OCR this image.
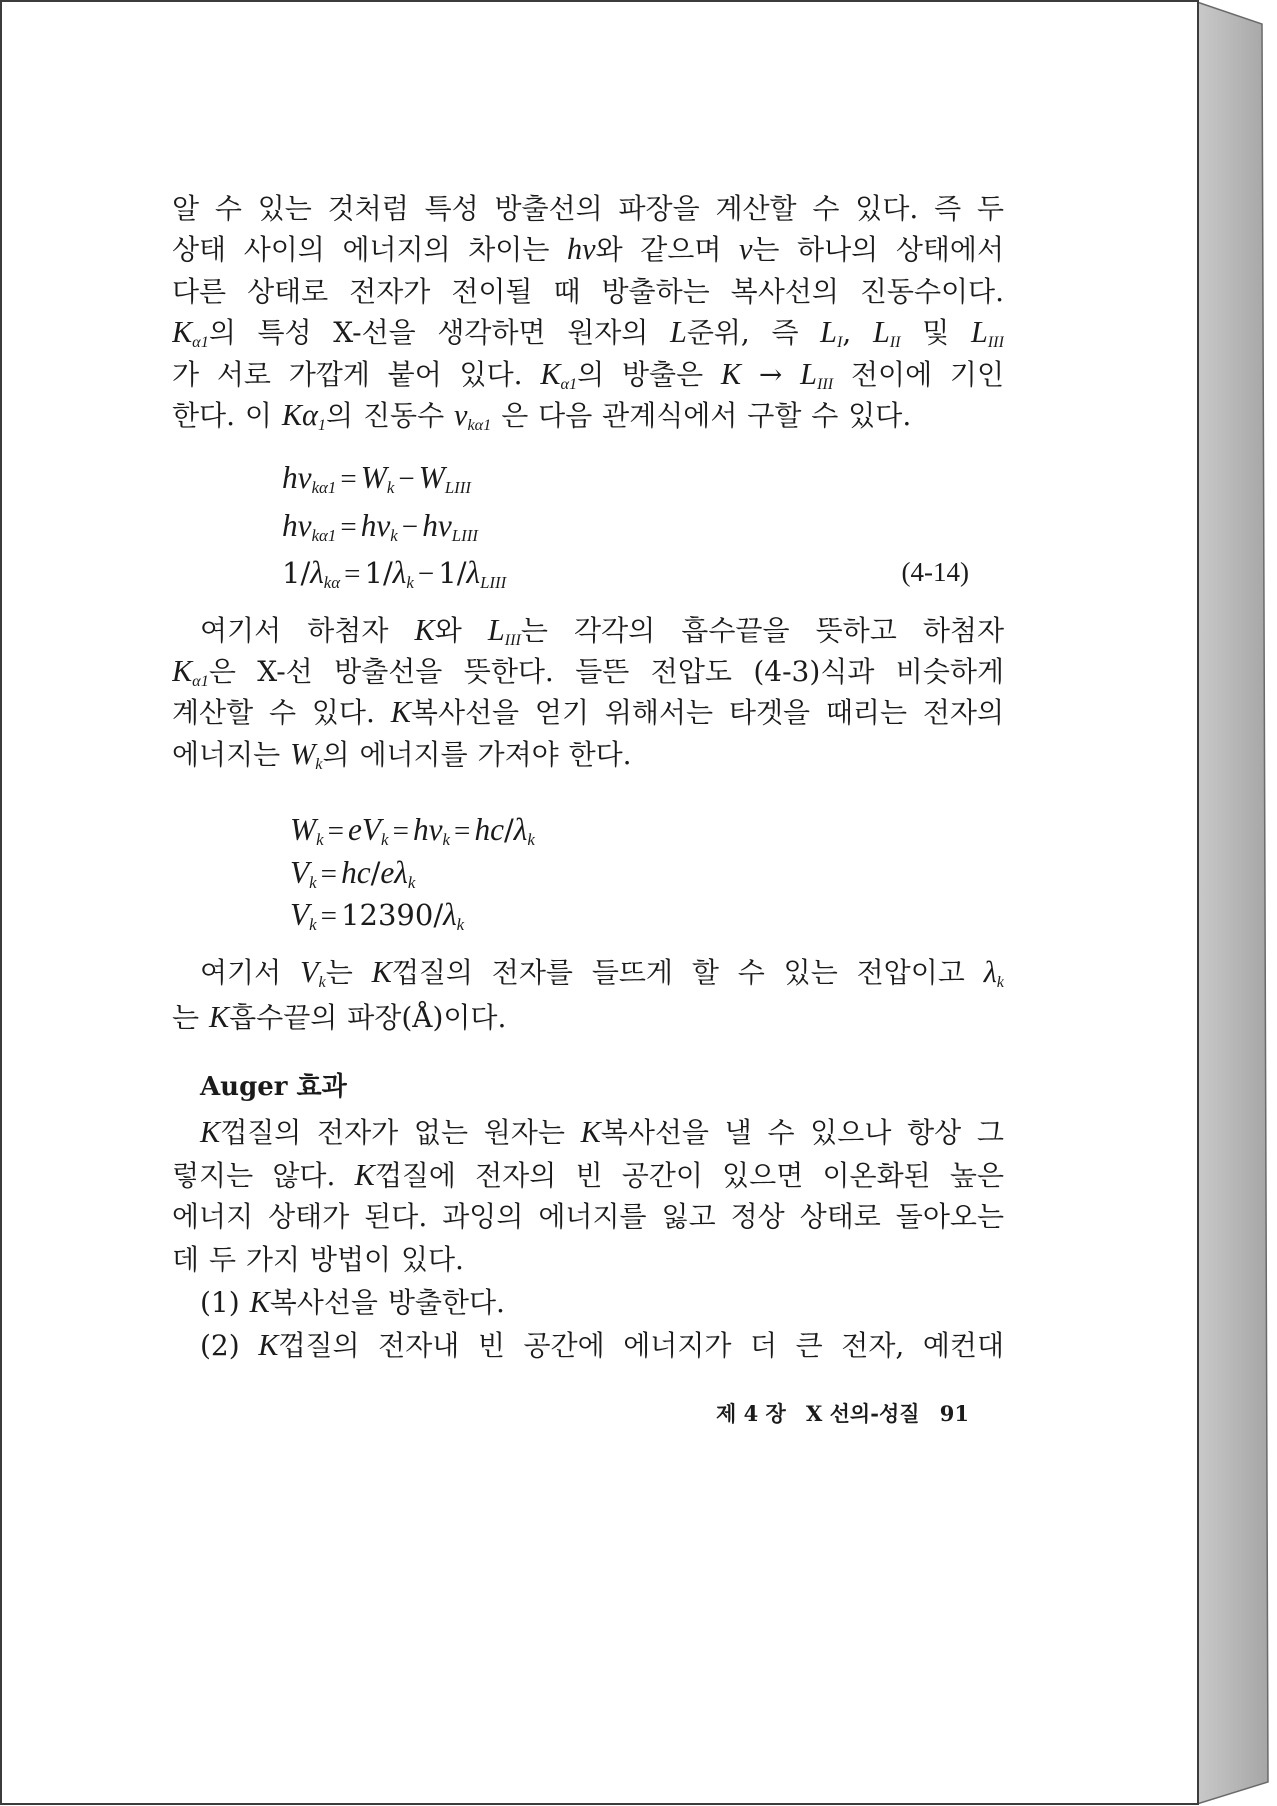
알 수 있는 것처럼 특성 방출선의 파장을 계산할 수 있다. 즉 두
상태 사이의 에너지의 차이는 hν와 같으며 ν는 하나의 상태에서
다른 상태로 전자가 전이될 때 방출하는 복사선의 진동수이다.
$K_{\alpha 1}$의 특성 X-선을 생각하면 원자의 L준위, 즉 $L_I$, $L_{II}$ 및 $L_{III}$
가 서로 가깝게 붙어 있다. $K_{\alpha 1}$의 방출은 $K \to L_{III}$ 전이에 기인
한다. 이 $K\alpha_1$의 진동수 $\nu_{k\alpha 1}$ 은 다음 관계식에서 구할 수 있다.
$h\nu_{k\alpha 1} = W_k - W_{LIII}$
$h\nu_{k\alpha 1} = h\nu_k - h\nu_{LIII}$
$1/\lambda_{k\alpha} = 1/\lambda_k - 1/\lambda_{LIII}$	(4-14)
여기서 하첨자 K와 $L_{III}$는 각각의 흡수끝을 뜻하고 하첨자
$K_{\alpha 1}$은 X-선 방출선을 뜻한다. 들뜬 전압도 (4-3)식과 비슷하게
계산할 수 있다. K복사선을 얻기 위해서는 타겟을 때리는 전자의
에너지는 $W_k$의 에너지를 가져야 한다.
$W_k = eV_k = h\nu_k = hc/\lambda_k$
$V_k = hc/e\lambda_k$
$V_k = 12390/\lambda_k$
여기서 $V_k$는 K껍질의 전자를 들뜨게 할 수 있는 전압이고 $\lambda_k$
는 K흡수끝의 파장(Å)이다.
Auger 효과
K껍질의 전자가 없는 원자는 K복사선을 낼 수 있으나 항상 그
렇지는 않다. K껍질에 전자의 빈 공간이 있으면 이온화된 높은
에너지 상태가 된다. 과잉의 에너지를 잃고 정상 상태로 돌아오는
데 두 가지 방법이 있다.
(1) K복사선을 방출한다.
(2) K껍질의 전자내 빈 공간에 에너지가 더 큰 전자, 예컨대
제 4 장 X 선의-성질 91
